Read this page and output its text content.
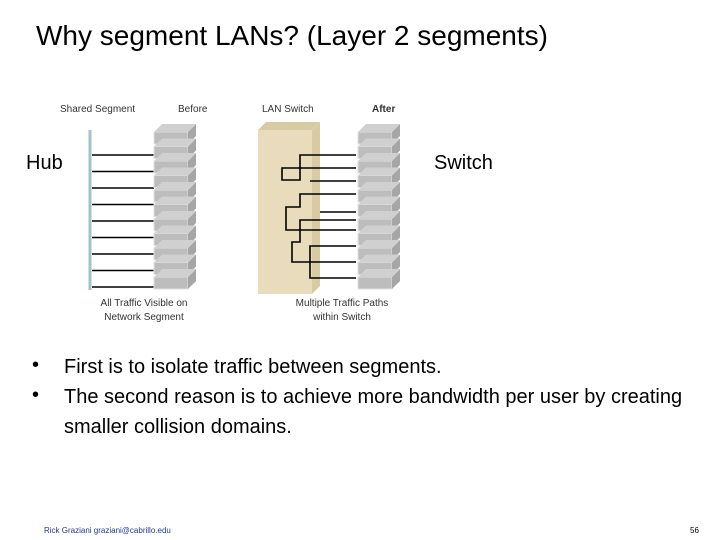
Why segment LANs? (Layer 2 segments)
Shared Segment	Before	LAN Switch	After
Hub	Switch
All Traffic Visible on
Network Segment
Multiple Traffic Paths
within Switch
• First is to isolate traffic between segments.
• The second reason is to achieve more bandwidth per user by creating smaller collision domains.
Rick Graziani graziani@cabrillo.edu	56
